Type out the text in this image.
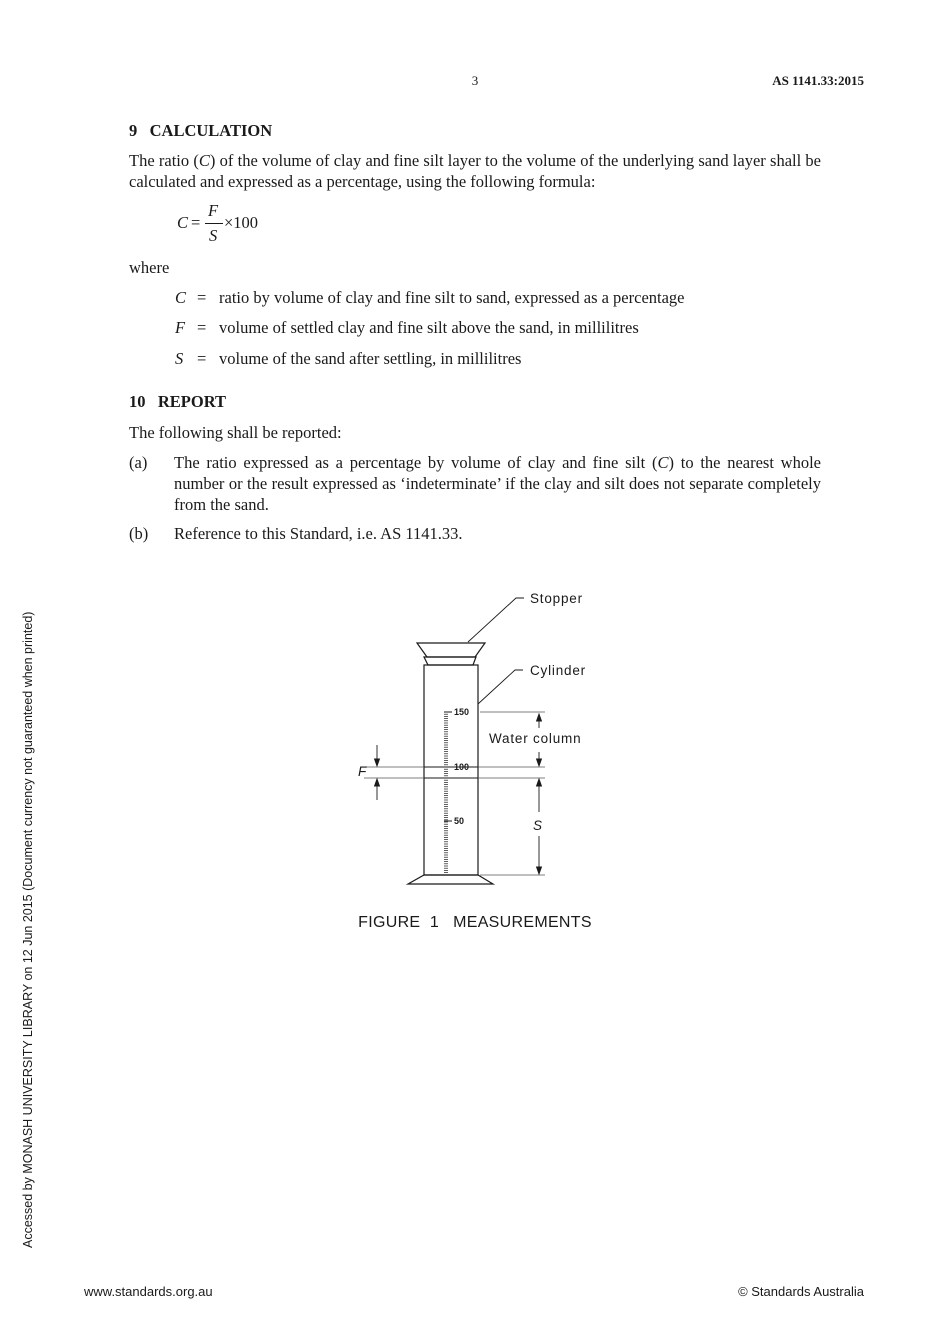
3	AS 1141.33:2015
9 CALCULATION
The ratio (C) of the volume of clay and fine silt layer to the volume of the underlying sand layer shall be calculated and expressed as a percentage, using the following formula:
C =
F
S
×100
where
C = ratio by volume of clay and fine silt to sand, expressed as a percentage
F = volume of settled clay and fine silt above the sand, in millilitres
S = volume of the sand after settling, in millilitres
10 REPORT
The following shall be reported:
(a)	The ratio expressed as a percentage by volume of clay and fine silt (C) to the nearest whole number or the result expressed as ‘indeterminate’ if the clay and silt does not separate completely from the sand.
(b)	Reference to this Standard, i.e. AS 1141.33.
Stopper
Cylinder
Water column
150
100
50
F
S
FIGURE  1 MEASUREMENTS
Accessed by MONASH UNIVERSITY LIBRARY on 12 Jun 2015 (Document currency not guaranteed when printed)
www.standards.org.au	© Standards Australia
